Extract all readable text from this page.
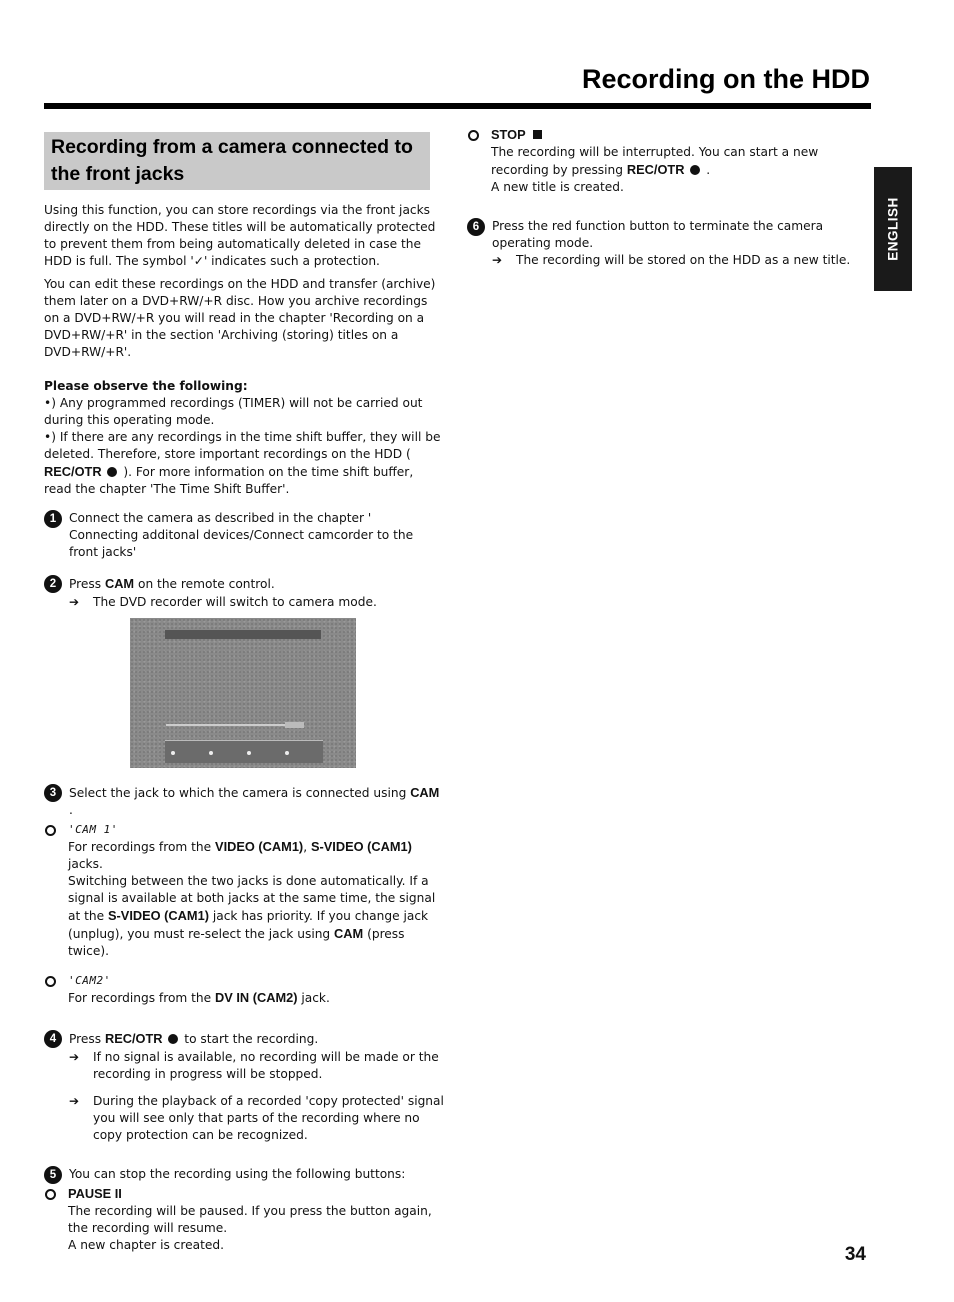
Recording on the HDD
ENGLISH
Recording from a camera connected to the front jacks

Using this function, you can store recordings via the front jacks directly on the HDD. These titles will be automatically protected to prevent them from being automatically deleted in case the HDD is full. The symbol '✓' indicates such a protection.

You can edit these recordings on the HDD and transfer (archive) them later on a DVD+RW/+R disc. How you archive recordings on a DVD+RW/+R you will read in the chapter 'Recording on a DVD+RW/+R' in the section 'Archiving (storing) titles on a DVD+RW/+R'.

Please observe the following:

•) Any programmed recordings (TIMER) will not be carried out during this operating mode.

•) If there are any recordings in the time shift buffer, they will be deleted. Therefore, store important recordings on the HDD ( REC/OTR ). For more information on the time shift buffer, read the chapter 'The Time Shift Buffer'.

1	Connect the camera as described in the chapter ' Connecting additonal devices/Connect camcorder to the front jacks'

2	Press CAM on the remote control.

➔ The DVD recorder will switch to camera mode.

3	Select the jack to which the camera is connected using CAM .

'CAM 1'

For recordings from the VIDEO (CAM1), S-VIDEO (CAM1) jacks.

Switching between the two jacks is done automatically. If a signal is available at both jacks at the same time, the signal at the S-VIDEO (CAM1) jack has priority. If you change jack (unplug), you must re-select the jack using CAM (press twice).

'CAM2'

For recordings from the DV IN (CAM2) jack.

4	Press REC/OTR to start the recording.

➔ If no signal is available, no recording will be made or the recording in progress will be stopped.

➔ During the playback of a recorded 'copy protected' signal you will see only that parts of the recording where no copy protection can be recognized.

5	You can stop the recording using the following buttons:

PAUSE II

The recording will be paused. If you press the button again, the recording will resume.

A new chapter is created.

STOP

The recording will be interrupted. You can start a new recording by pressing REC/OTR .

A new title is created.

6	Press the red function button to terminate the camera operating mode.

➔ The recording will be stored on the HDD as a new title.

34
